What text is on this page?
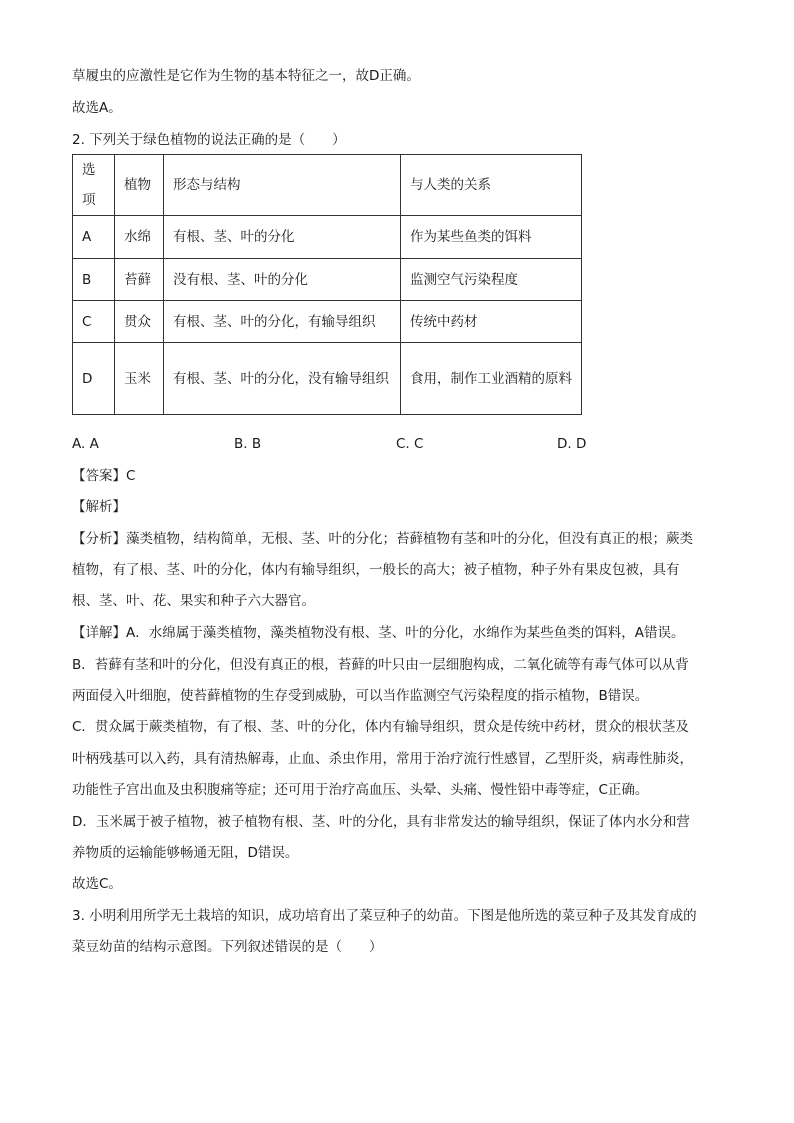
草履虫的应激性是它作为生物的基本特征之一，故D正确。
故选A。
2. 下列关于绿色植物的说法正确的是（　　）
选项	植物	形态与结构	与人类的关系
A	水绵	有根、茎、叶的分化	作为某些鱼类的饵料
B	苔藓	没有根、茎、叶的分化	监测空气污染程度
C	贯众	有根、茎、叶的分化，有输导组织	传统中药材
D	玉米	有根、茎、叶的分化，没有输导组织	食用，制作工业酒精的原料
A. A	B. B	C. C	D. D
【答案】C
【解析】
【分析】藻类植物，结构简单，无根、茎、叶的分化；苔藓植物有茎和叶的分化，但没有真正的根；蕨类
植物，有了根、茎、叶的分化，体内有输导组织，一般长的高大；被子植物，种子外有果皮包被，具有
根、茎、叶、花、果实和种子六大器官。
【详解】A．水绵属于藻类植物，藻类植物没有根、茎、叶的分化，水绵作为某些鱼类的饵料，A错误。
B．苔藓有茎和叶的分化，但没有真正的根，苔藓的叶只由一层细胞构成，二氧化硫等有毒气体可以从背
两面侵入叶细胞，使苔藓植物的生存受到威胁，可以当作监测空气污染程度的指示植物，B错误。
C．贯众属于蕨类植物，有了根、茎、叶的分化，体内有输导组织，贯众是传统中药材，贯众的根状茎及
叶柄残基可以入药，具有清热解毒，止血、杀虫作用，常用于治疗流行性感冒，乙型肝炎，病毒性肺炎，
功能性子宫出血及虫积腹痛等症；还可用于治疗高血压、头晕、头痛、慢性铅中毒等症，C正确。
D．玉米属于被子植物，被子植物有根、茎、叶的分化，具有非常发达的输导组织，保证了体内水分和营
养物质的运输能够畅通无阻，D错误。
故选C。
3. 小明利用所学无土栽培的知识，成功培育出了菜豆种子的幼苗。下图是他所选的菜豆种子及其发育成的
菜豆幼苗的结构示意图。下列叙述错误的是（　　）
